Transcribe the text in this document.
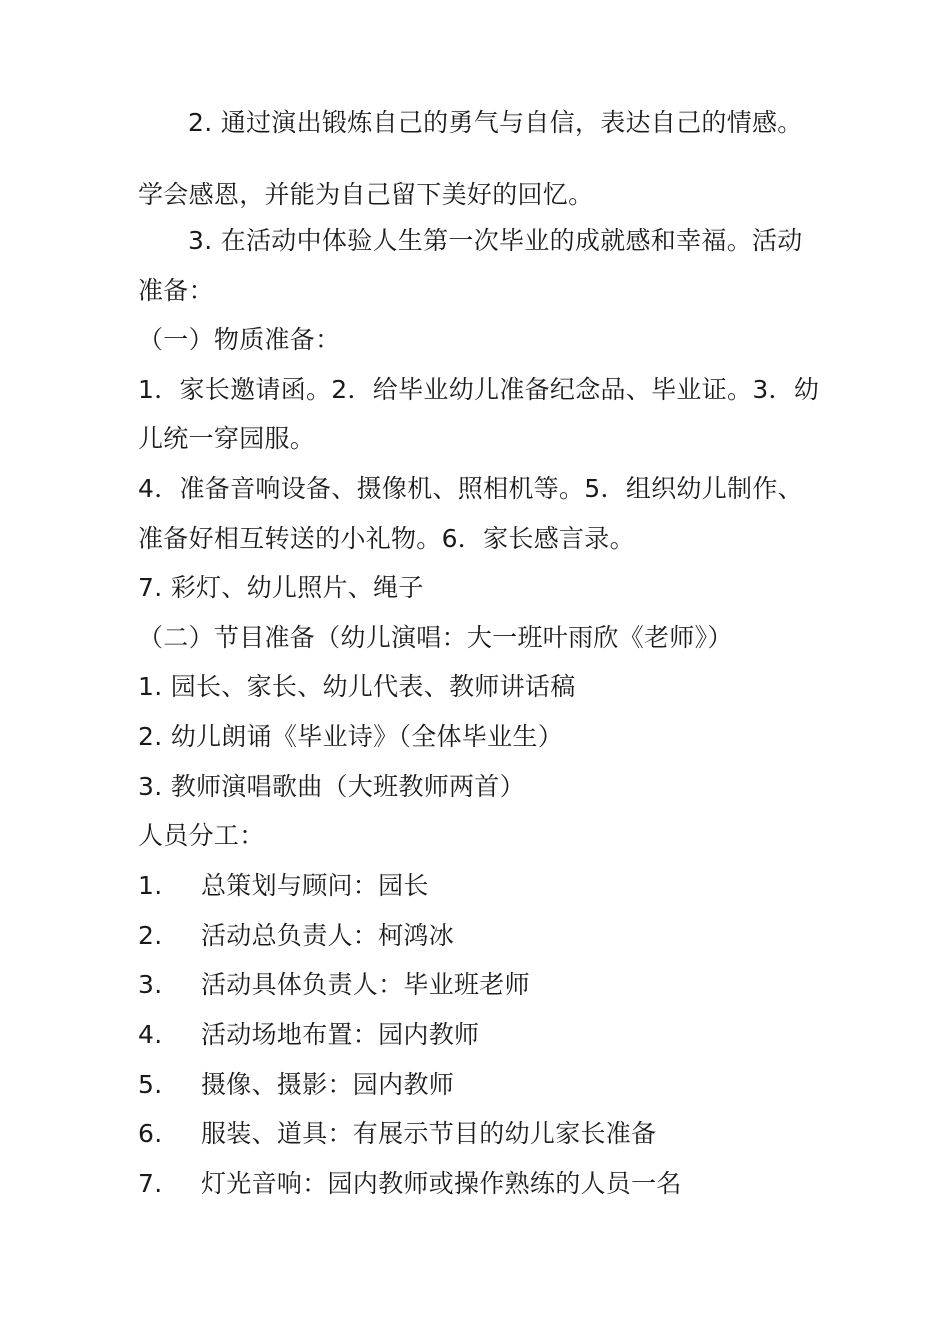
2. 通过演出锻炼自己的勇气与自信，表达自己的情感。
学会感恩，并能为自己留下美好的回忆。
3. 在活动中体验人生第一次毕业的成就感和幸福。活动
准备：
（一）物质准备：
1．家长邀请函。2．给毕业幼儿准备纪念品、毕业证。3．幼
儿统一穿园服。
4．准备音响设备、摄像机、照相机等。5．组织幼儿制作、
准备好相互转送的小礼物。6．家长感言录。
7. 彩灯、幼儿照片、绳子
（二）节目准备（幼儿演唱：大一班叶雨欣《老师》）
1. 园长、家长、幼儿代表、教师讲话稿
2. 幼儿朗诵《毕业诗》（全体毕业生）
3. 教师演唱歌曲（大班教师两首）
人员分工：
1. 总策划与顾问：园长
2. 活动总负责人：柯鸿冰
3. 活动具体负责人：毕业班老师
4. 活动场地布置：园内教师
5. 摄像、摄影：园内教师
6. 服装、道具：有展示节目的幼儿家长准备
7. 灯光音响：园内教师或操作熟练的人员一名
